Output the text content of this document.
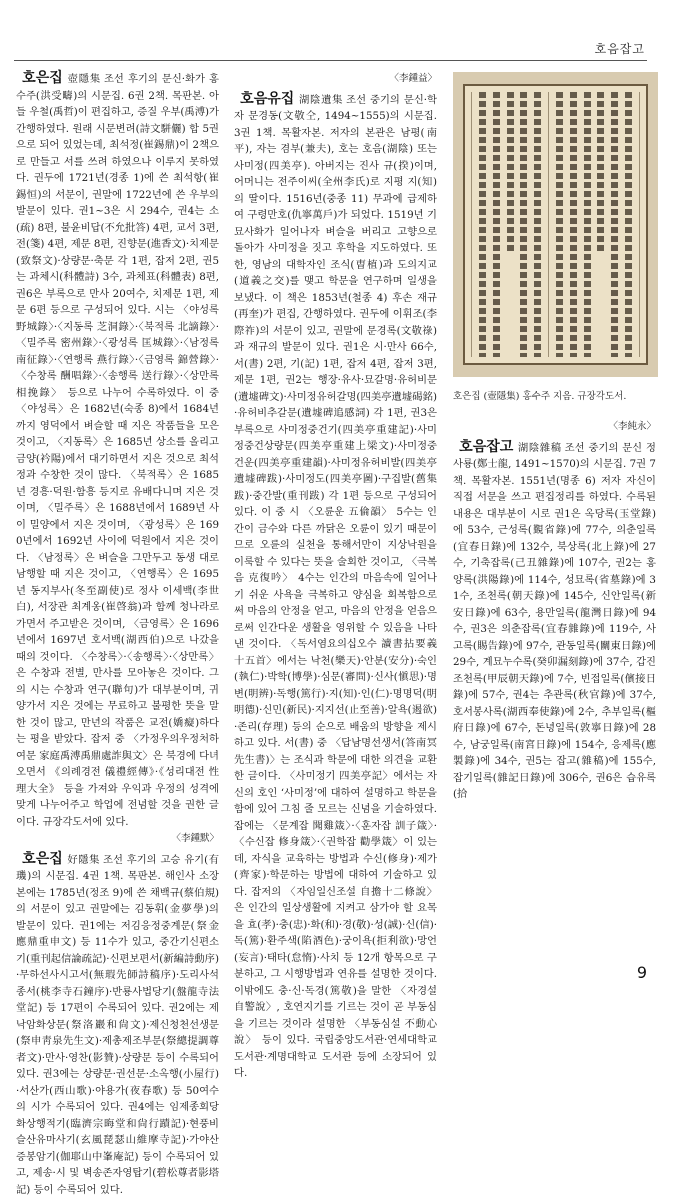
호음잡고
호은집 (壺隱集) 홍수주 지음. 규장각도서.

호은집 壺隱集 조선 후기의 문신·화가 홍수주(洪受疇)의 시문집. 6권 2책. 목판본. 아들 우철(禹哲)이 편집하고, 증질 우부(禹溥)가 간행하였다. 원래 시문변려(詩文駢儷) 합 5권으로 되어 있었는데, 최석정(崔錫鼎)이 2책으로 만들고 서를 쓰려 하였으나 이루지 못하였다. 권두에 1721년(경종 1)에 쓴 최석항(崔錫恒)의 서문이, 권말에 1722년에 쓴 우부의 발문이 있다. 권1~3은 시 294수, 권4는 소(疏) 8편, 불윤비답(不允批答) 4편, 교서 3편, 전(箋) 4편, 제문 8편, 진향문(進香文)·치제문(致祭文)·상량문·축문 각 1편, 잡저 2편, 권5는 과체시(科體詩) 3수, 과체표(科體表) 8편, 권6은 부록으로 만사 20여수, 치제문 1편, 제문 6편 등으로 구성되어 있다. 시는 〈야성록 野城錄〉·〈지동록 芝洞錄〉·〈북적록 北謫錄〉·〈밀주록 密州錄〉·〈광성록 匡城錄〉·〈남정록 南征錄〉·〈연행록 燕行錄〉·〈금영록 錦營錄〉·〈수창록 酬唱錄〉·〈송행록 送行錄〉·〈상만록 相挽錄〉 등으로 나누어 수록하였다. 이 중 〈야성록〉은 1682년(숙종 8)에서 1684년까지 영덕에서 벼슬할 때 지은 작품들을 모은 것이고, 〈지동록〉은 1685년 상소를 올리고 금양(衿陽)에서 대기하면서 지은 것으로 최석정과 수창한 것이 많다. 〈북적록〉은 1685년 경흥·덕원·함흥 등지로 유배다니며 지은 것이며, 〈밀주록〉은 1688년에서 1689년 사이 밀양에서 지은 것이며, 〈광성록〉은 1690년에서 1692년 사이에 덕원에서 지은 것이다. 〈남정록〉은 벼슬을 그만두고 동생 대로 남행할 때 지은 것이고, 〈연행록〉은 1695년 동지부사(冬至副使)로 정사 이세백(李世白), 서장관 최계옹(崔啓翁)과 함께 청나라로 가면서 주고받은 것이며, 〈금영록〉은 1696년에서 1697년 호서백(湖西伯)으로 나갔을 때의 것이다. 〈수창록〉·〈송행록〉·〈상만록〉은 수창과 전별, 만사를 모아놓은 것이다. 그의 시는 수창과 연구(聯句)가 대부분이며, 귀양가서 지은 것에는 무료하고 불평한 뜻을 말한 것이 많고, 만년의 작품은 교전(嬌癡)하다는 평을 받았다. 잡저 중 〈가정우의우정처하여문 家庭禹溥禹鼎處詐與文〉은 북경에 다녀오면서 《의례경전 儀禮經傳》·《성리대전 性理大全》 등을 가져와 우익과 우정의 성격에 맞게 나누어주고 학업에 전념할 것을 권한 글이다. 규장각도서에 있다.

〈李鍾默〉

호은집 好隱集 조선 후기의 고승 유기(有璣)의 시문집. 4권 1책. 목판본. 해인사 소장본에는 1785년(정조 9)에 쓴 채백규(蔡伯規)의 서문이 있고 권말에는 김동휘(金夢學)의 발문이 있다. 권1에는 저김응정중계문(祭金應鼎重申文) 등 11수가 있고, 중간기신편소기(重刊起信論疏記)·신편보편서(新編詩動序)·무하선사시고서(無瑕先師詩稿序)·도리사석종서(桃李寺石鐘序)·반룡사법당기(盤龍寺法堂記) 등 17편이 수록되어 있다. 권2에는 제낙암화상문(祭洛巖和尙文)·제신청천선생문(祭申靑泉先生文)·제총제조부문(祭總提調尊者文)·만사·영찬(影贊)·상량문 등이 수록되어 있다. 권3에는 상량문·권선문·소옥행(小屋行)·서산가(西山歌)·야용가(夜春歌) 등 50여수의 시가 수록되어 있다. 권4에는 임제종회당화상행적기(臨濟宗晦堂和尙行蹟記)·현풍비슬산유마사기(玄風琵瑟山維摩寺記)·가야산증봉암기(伽耶山中峯庵記) 등이 수록되어 있고, 제송·시 및 벽송존자영탑기(碧松尊者影塔記) 등이 수록되어 있다.

〈李鍾益〉

호음유집 湖陰遺集 조선 중기의 문신·학자 문경동(文敬仝, 1494~1555)의 시문집. 3권 1책. 목활자본. 저자의 본관은 남평(南平), 자는 겸부(兼夫), 호는 호음(湖陰) 또는 사미정(四美亭). 아버지는 진사 규(揆)이며, 어머니는 전주이씨(全州李氏)로 지평 지(知)의 딸이다. 1516년(중종 11) 무과에 급제하여 구령만호(仇寧萬戶)가 되었다. 1519년 기묘사화가 일어나자 벼슬을 버리고 고향으로 돌아가 사미정을 짓고 후학을 지도하였다. 또한, 영남의 대학자인 조식(曺植)과 도의지교(道義之交)를 맺고 학문을 연구하며 일생을 보냈다. 이 책은 1853년(철종 4) 후손 재규(再奎)가 편집, 간행하였다. 권두에 이휘조(李際祚)의 서문이 있고, 권말에 문경록(文敬祿)과 재규의 발문이 있다. 권1은 시·만사 66수, 서(書) 2편, 기(記) 1편, 잡저 4편, 잡저 3편, 제문 1편, 권2는 행장·유사·묘갈명·유허비문(遺墟碑文)·사미정유허갈명(四美亭遺墟碣銘)·유허비추갈문(遺墟碑追感詞) 각 1편, 권3은 부록으로 사미정중건기(四美亭重建記)·사미정중건상량문(四美亭重建上梁文)·사미정중건운(四美亭重建韻)·사미정유허비발(四美亭遺墟碑跋)·사미정도(四美亭圖)·구집발(舊集跋)·중간발(重刊跋) 각 1편 등으로 구성되어 있다. 이 중 시 〈오륜운 五倫韻〉 5수는 인간이 금수와 다른 까닭은 오륜이 있기 때문이므로 오륜의 실천을 통해서만이 지상낙원을 이룩할 수 있다는 뜻을 술회한 것이고, 〈극복음 克復吟〉 4수는 인간의 마음속에 일어나기 쉬운 사욕을 극복하고 양심을 회복함으로써 마음의 안정을 얻고, 마음의 안정을 얻음으로써 인간다운 생활을 영위할 수 있음을 나타낸 것이다. 〈독서염요의십오수 讀書拈要義十五首〉에서는 낙천(樂天)·안분(安分)·숙인(執仁)·박학(博學)·심문(審問)·신사(愼思)·명변(明辨)·독행(篤行)·지(知)·인(仁)·명명덕(明明德)·신민(新民)·지지선(止至善)·알욕(遏欲)·존리(存理) 등의 순으로 배움의 방향을 제시하고 있다. 서(書) 중 〈답남명선생서(答南冥先生書)〉는 조식과 학문에 대한 의견을 교환한 글이다. 〈사미정기 四美亭記〉에서는 자신의 호인 ‘사미정’에 대하여 설명하고 학문을 함에 있어 그침 줄 모르는 신념을 기술하였다. 잡에는 〈문계잡 聞雞箴〉·〈훈자잡 訓子箴〉·〈수신잡 修身箴〉·〈권학잡 勸學箴〉이 있는데, 자식을 교육하는 방법과 수신(修身)·제가(齊家)·학문하는 방법에 대하여 기술하고 있다. 잡저의 〈자임일신조설 自擔十二條說〉은 인간의 일상생활에 지켜고 삼가야 할 요목을 효(孝)·충(忠)·화(和)·경(敬)·성(誠)·신(信)·독(篤)·환주색(陷酒色)·궁이욕(拒利欲)·망언(妄言)·태타(怠惰)·사치 등 12개 항목으로 구분하고, 그 시행방법과 연유를 설명한 것이다. 이밖에도 충·신·독경(篤敬)을 말한 〈자경설 自警說〉, 호연지기를 기르는 것이 곧 부동심을 기르는 것이라 설명한 〈부동심설 不動心說〉 등이 있다. 국립중앙도서관·연세대학교 도서관·계명대학교 도서관 등에 소장되어 있다.

〈李純永〉

호음잡고 湖陰雜稿 조선 중기의 문신 정사룡(鄭士龍, 1491~1570)의 시문집. 7권 7책. 목활자본. 1551년(명종 6) 저자 자신이 직접 서문을 쓰고 편집정리를 하였다. 수록된 내용은 대부분이 시로 권1은 옥당록(玉堂錄)에 53수, 근성록(覲省錄)에 77수, 의춘일록(宜春日錄)에 132수, 북상록(北上錄)에 27수, 기축잡록(己丑雜錄)에 107수, 권2는 홍양록(洪陽錄)에 114수, 성묘록(省墓錄)에 31수, 조천록(朝天錄)에 145수, 신안일록(新安日錄)에 63수, 용만일록(龍灣日錄)에 94수, 권3은 의춘잡록(宜春雜錄)에 119수, 사고록(賜告錄)에 97수, 관동일록(關東日錄)에 29수, 계묘누수록(癸卯漏刻錄)에 37수, 갑진조천록(甲辰朝天錄)에 7수, 빈접일록(儐接日錄)에 57수, 권4는 추관록(秋官錄)에 37수, 호서봉사록(湖西奉使錄)에 2수, 추부일록(樞府日錄)에 67수, 돈녕일록(敦寧日錄)에 28수, 남궁일록(南宮日錄)에 154수, 응제록(應製錄)에 34수, 권5는 잡고(雜稿)에 155수, 잡기일록(雜記日錄)에 306수, 권6은 습유록(拾

9
